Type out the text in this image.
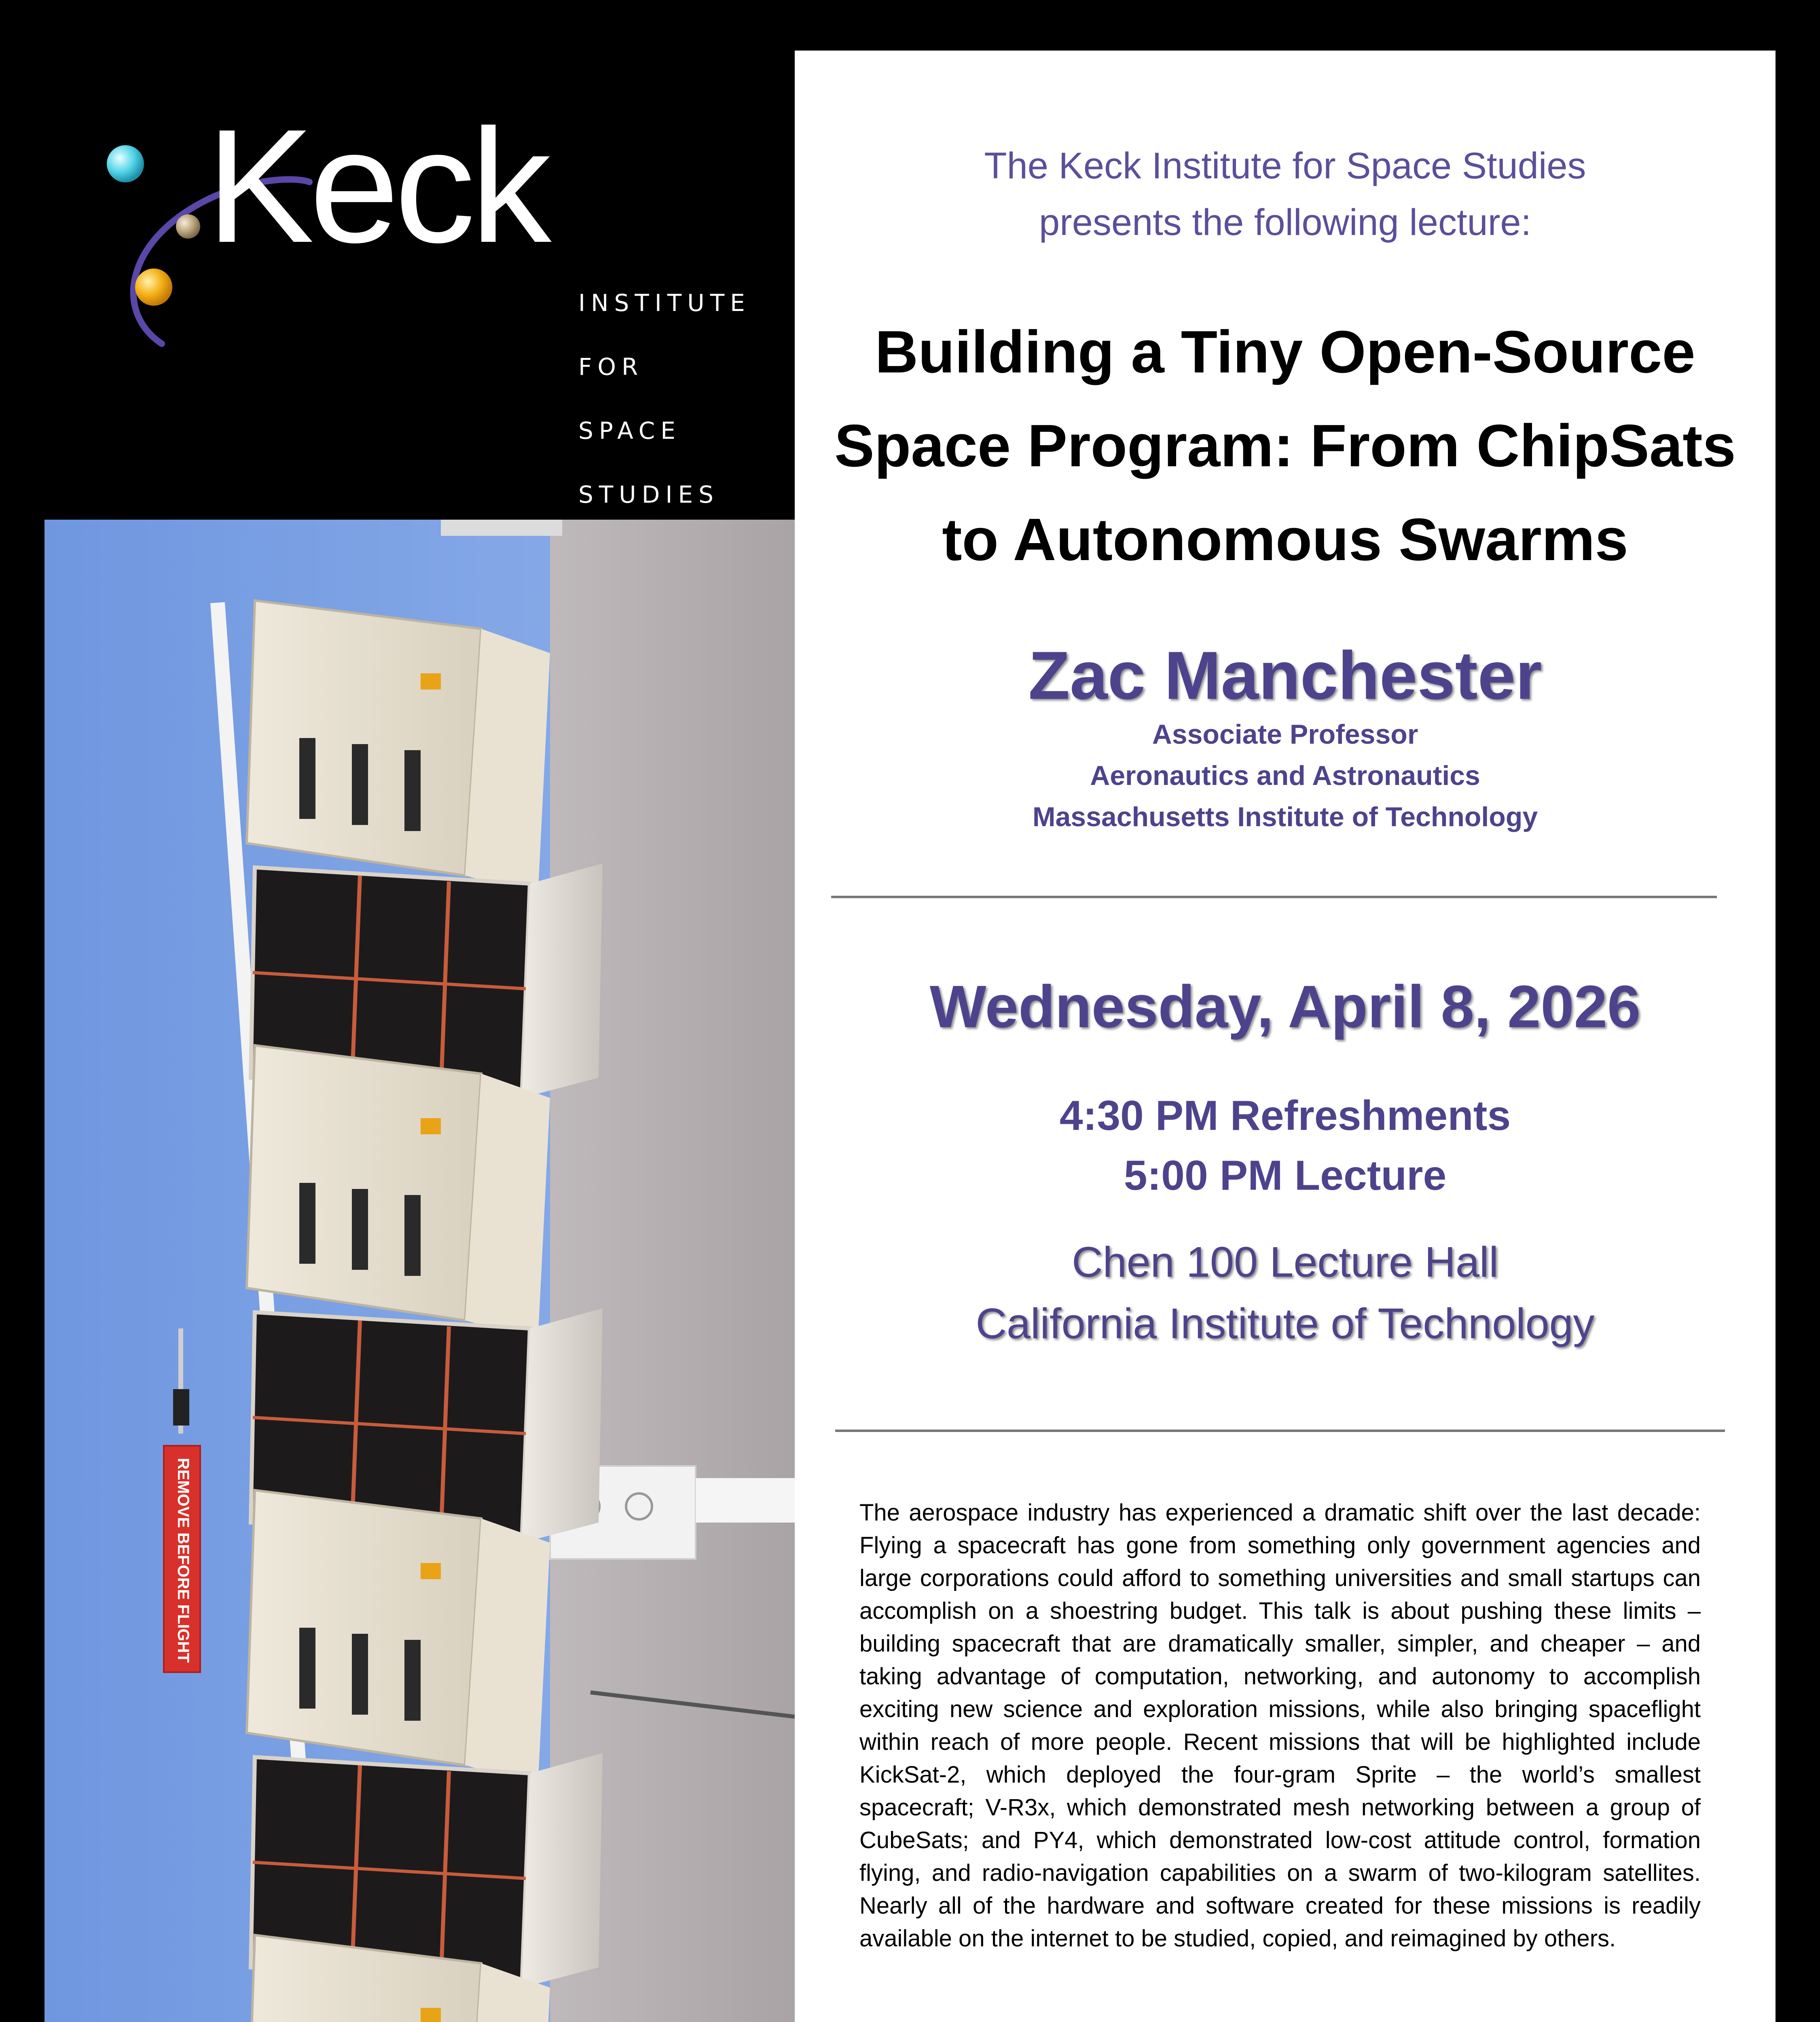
Keck
INSTITUTE
FOR
SPACE
STUDIES
REMOVE BEFORE FLIGHT
The Keck Institute for Space Studies
presents the following lecture:
Building a Tiny Open-Source
Space Program: From ChipSats
to Autonomous Swarms
Zac Manchester
Associate Professor
Aeronautics and Astronautics
Massachusetts Institute of Technology
Wednesday, April 8, 2026
4:30 PM Refreshments
5:00 PM Lecture
Chen 100 Lecture Hall
California Institute of Technology
The aerospace industry has experienced a dramatic shift over the last decade: Flying a spacecraft has gone from something only government agencies and large corporations could afford to something universities and small startups can accomplish on a shoestring budget. This talk is about pushing these limits – building spacecraft that are dramatically smaller, simpler, and cheaper – and taking advantage of computation, networking, and autonomy to accomplish exciting new science and exploration missions, while also bringing spaceflight within reach of more people. Recent missions that will be highlighted include KickSat-2, which deployed the four-gram Sprite – the world’s smallest spacecraft; V-R3x, which demonstrated mesh networking between a group of CubeSats; and PY4, which demonstrated low-cost attitude control, formation flying, and radio-navigation capabilities on a swarm of two-kilogram satellites. Nearly all of the hardware and software created for these missions is readily available on the internet to be studied, copied, and reimagined by others.
